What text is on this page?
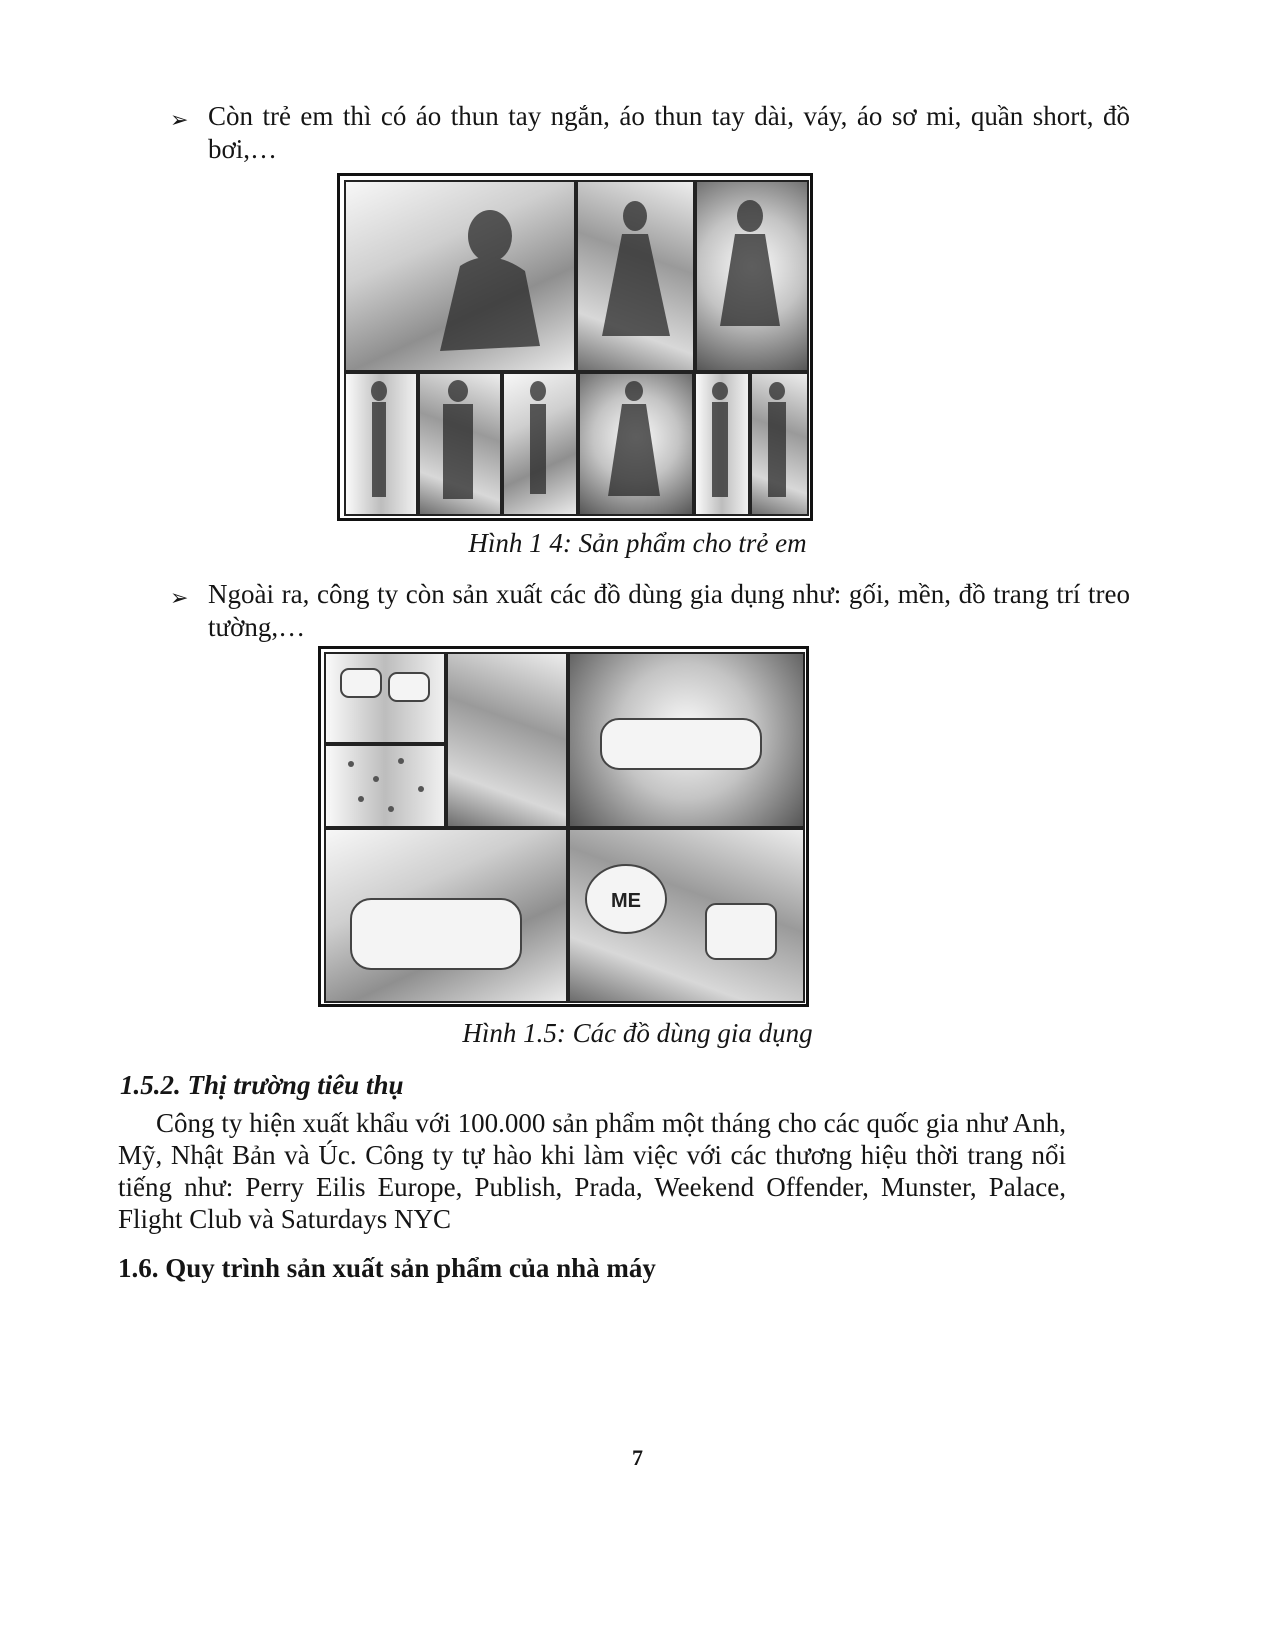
➢ Còn trẻ em thì có áo thun tay ngắn, áo thun tay dài, váy, áo sơ mi, quần short, đồ bơi,…
Hình 1 4: Sản phẩm cho trẻ em
➢ Ngoài ra, công ty còn sản xuất các đồ dùng gia dụng như: gối, mền, đồ trang trí treo tường,…
ME
Hình 1.5: Các đồ dùng gia dụng
1.5.2. Thị trường tiêu thụ
Công ty hiện xuất khẩu với 100.000 sản phẩm một tháng cho các quốc gia như Anh, Mỹ, Nhật Bản và Úc. Công ty tự hào khi làm việc với các thương hiệu thời trang nổi tiếng như: Perry Eilis Europe, Publish, Prada, Weekend Offender, Munster, Palace, Flight Club và Saturdays NYC
1.6. Quy trình sản xuất sản phẩm của nhà máy
7
